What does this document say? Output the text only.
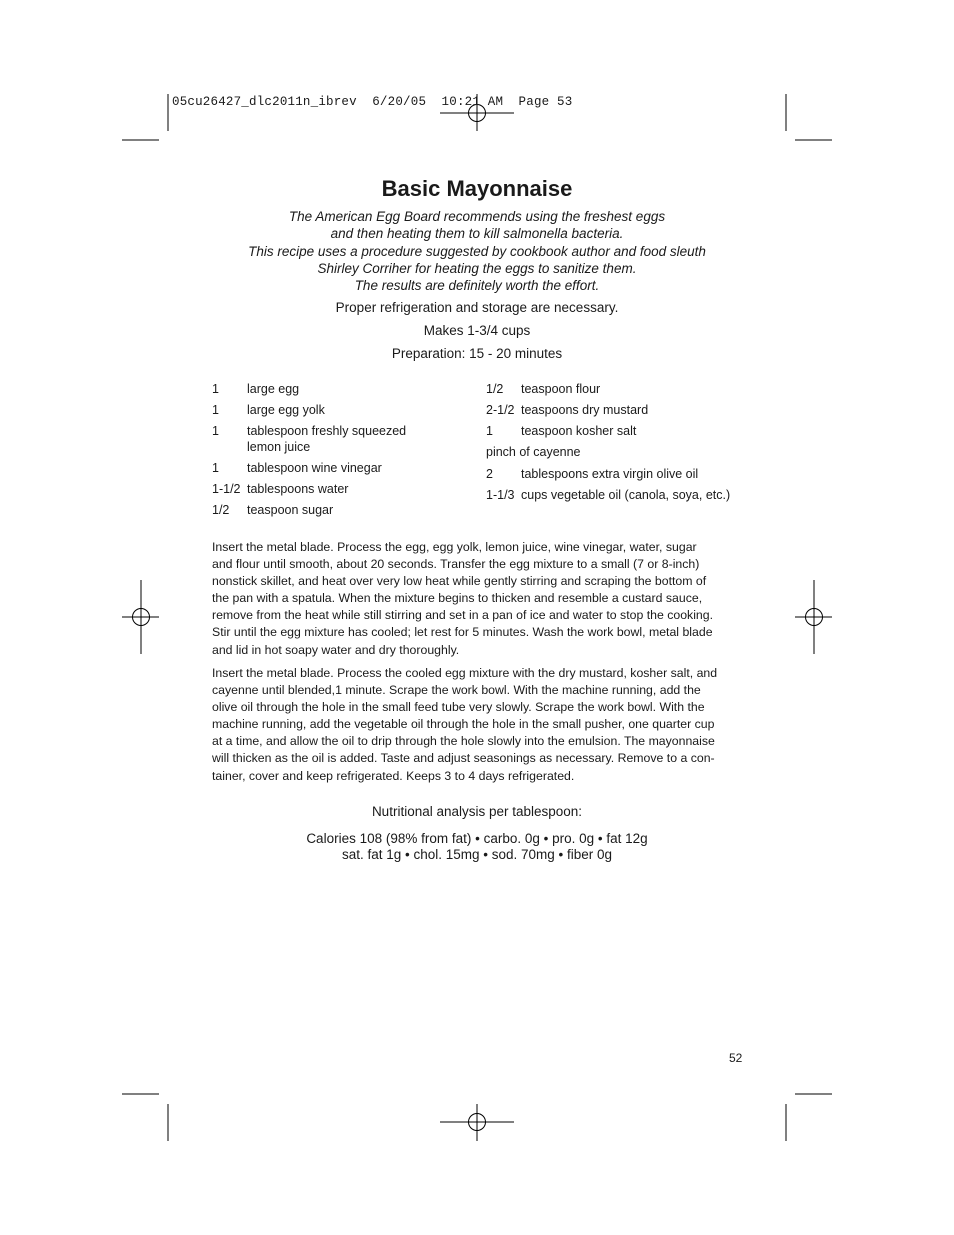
05cu26427_dlc2011n_ibrev  6/20/05  10:21 AM  Page 53
Basic Mayonnaise
The American Egg Board recommends using the freshest eggs
and then heating them to kill salmonella bacteria.
This recipe uses a procedure suggested by cookbook author and food sleuth
Shirley Corriher for heating the eggs to sanitize them.
The results are definitely worth the effort.
Proper refrigeration and storage are necessary.
Makes 1-3/4 cups
Preparation: 15 - 20 minutes
1	large egg
1	large egg yolk
1	tablespoon freshly squeezed
lemon juice
1	tablespoon wine vinegar
1-1/2 tablespoons water
1/2	teaspoon sugar
1/2	teaspoon flour
2-1/2 teaspoons dry mustard
1	teaspoon kosher salt
pinch of cayenne
2	tablespoons extra virgin olive oil
1-1/3 cups vegetable oil (canola, soya, etc.)
Insert the metal blade. Process the egg, egg yolk, lemon juice, wine vinegar, water, sugar
and flour until smooth, about 20 seconds. Transfer the egg mixture to a small (7 or 8-inch)
nonstick skillet, and heat over very low heat while gently stirring and scraping the bottom of
the pan with a spatula. When the mixture begins to thicken and resemble a custard sauce,
remove from the heat while still stirring and set in a pan of ice and water to stop the cooking.
Stir until the egg mixture has cooled; let rest for 5 minutes. Wash the work bowl, metal blade
and lid in hot soapy water and dry thoroughly.
Insert the metal blade. Process the cooled egg mixture with the dry mustard, kosher salt, and
cayenne until blended,1 minute. Scrape the work bowl. With the machine running, add the
olive oil through the hole in the small feed tube very slowly. Scrape the work bowl. With the
machine running, add the vegetable oil through the hole in the small pusher, one quarter cup
at a time, and allow the oil to drip through the hole slowly into the emulsion. The mayonnaise
will thicken as the oil is added. Taste and adjust seasonings as necessary. Remove to a con-
tainer, cover and keep refrigerated. Keeps 3 to 4 days refrigerated.
Nutritional analysis per tablespoon:
Calories 108 (98% from fat) • carbo. 0g • pro. 0g • fat 12g
sat. fat 1g • chol. 15mg • sod. 70mg • fiber 0g
52
